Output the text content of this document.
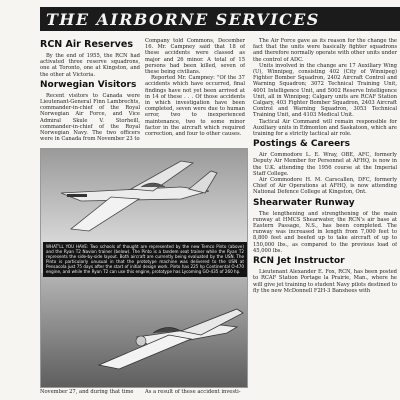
THE AIRBORNE SERVICES
RCN Air Reserves

By the end of 1955, the RCN had activated three reserve squadrons, one at Toronto, one at Kingston, and the other at Victoria.

Norwegian Visitors

Recent visitors to Canada were Lieutenant-General Finn Lambrechts, commander-in-chief of the Royal Norwegian Air Force, and Vice Admiral Skule V. Storheill, commander-in-chief of the Royal Norwegian Navy. The two officers were in Canada from November 23 to

Company told Commons, December 16. Mr. Campney said that 18 of these accidents were classed as major and 26 minor. A total of 15 persons had been killed, seven of these being civilians.

Reported Mr. Campney: "Of the 37 accidents which have occurred, final findings have not yet been arrived at in 14 of these . . . Of those accidents in which investigation have been completed, seven were due to human error, two to inexperienced maintenance, two to some minor factor in the aircraft which required correction, and four to other causes.

WHAT'LL YOU HAVE: Two schools of thought are represented by the new Temco Pinto (above) and the Ryan T2 Navion trainer (below). The Pinto is a tandem seat trainer while the Ryan T2 represents the side-by-side layout. Both aircraft are currently being evaluated by the USN. The Pinto is particularly unusual in that the prototype machine was delivered to the USN at Pensacola just 75 days after the start of initial design work. Pinto has 225 hp Continental O-470 engine, and while the Ryan T2 can use this engine, prototype has Lycoming GO-435 of 260 hp.

November 27, and during that time	As a result of these accident investi-

The Air Force gave as its reason for the change the fact that the units were basically fighter squadrons and therefore normally operate with other units under the control of ADC.

Units involved in the change are 17 Auxiliary Wing (U), Winnipeg, consisting 402 (City of Winnipeg) Fighter Bomber Squadron, 2402 Aircraft Control and Warning Squadron; 3072 Technical Training Unit, 4001 Intelligence Unit, and 5002 Reserve Intelligence Unit, all in Winnipeg; Calgary units are RCAF Station Calgary, 403 Fighter Bomber Squadron, 2403 Aircraft Control and Warning Squadron, 3053 Technical Training Unit, and 4103 Medical Unit.

Tactical Air Command will remain responsible for Auxiliary units in Edmonton and Saskatoon, which are training for a strictly tactical air role.

Postings & Careers

Air Commodore L. E. Wray, OBE, AFC, formerly Deputy Air Member for Personnel at AFHQ, is now in the U.K. attending the 1956 course at the Imperial Staff College.

Air Commodore H. M. Carscallen, DFC, formerly Chief of Air Operations at AFHQ, is now attending National Defence College at Kingston, Ont.

Shearwater Runway

The lengthening and strengthening of the main runway at HMCS Shearwater, the RCN's air base at Eastern Passage, N.S., has been completed. The runway was increased in length from 7,000 feet to 8,800 feet and beefed up to take aircraft of up to 150,000 lbs., as compared to the previous load of 45,000 lbs.

RCN Jet Instructor

Lieutenant Alexander E. Fox, RCN, has been posted to RCAF Station Portage la Prairie, Man., where he will give jet training to student Navy pilots destined to fly the new McDonnell F2H-3 Banshees with
